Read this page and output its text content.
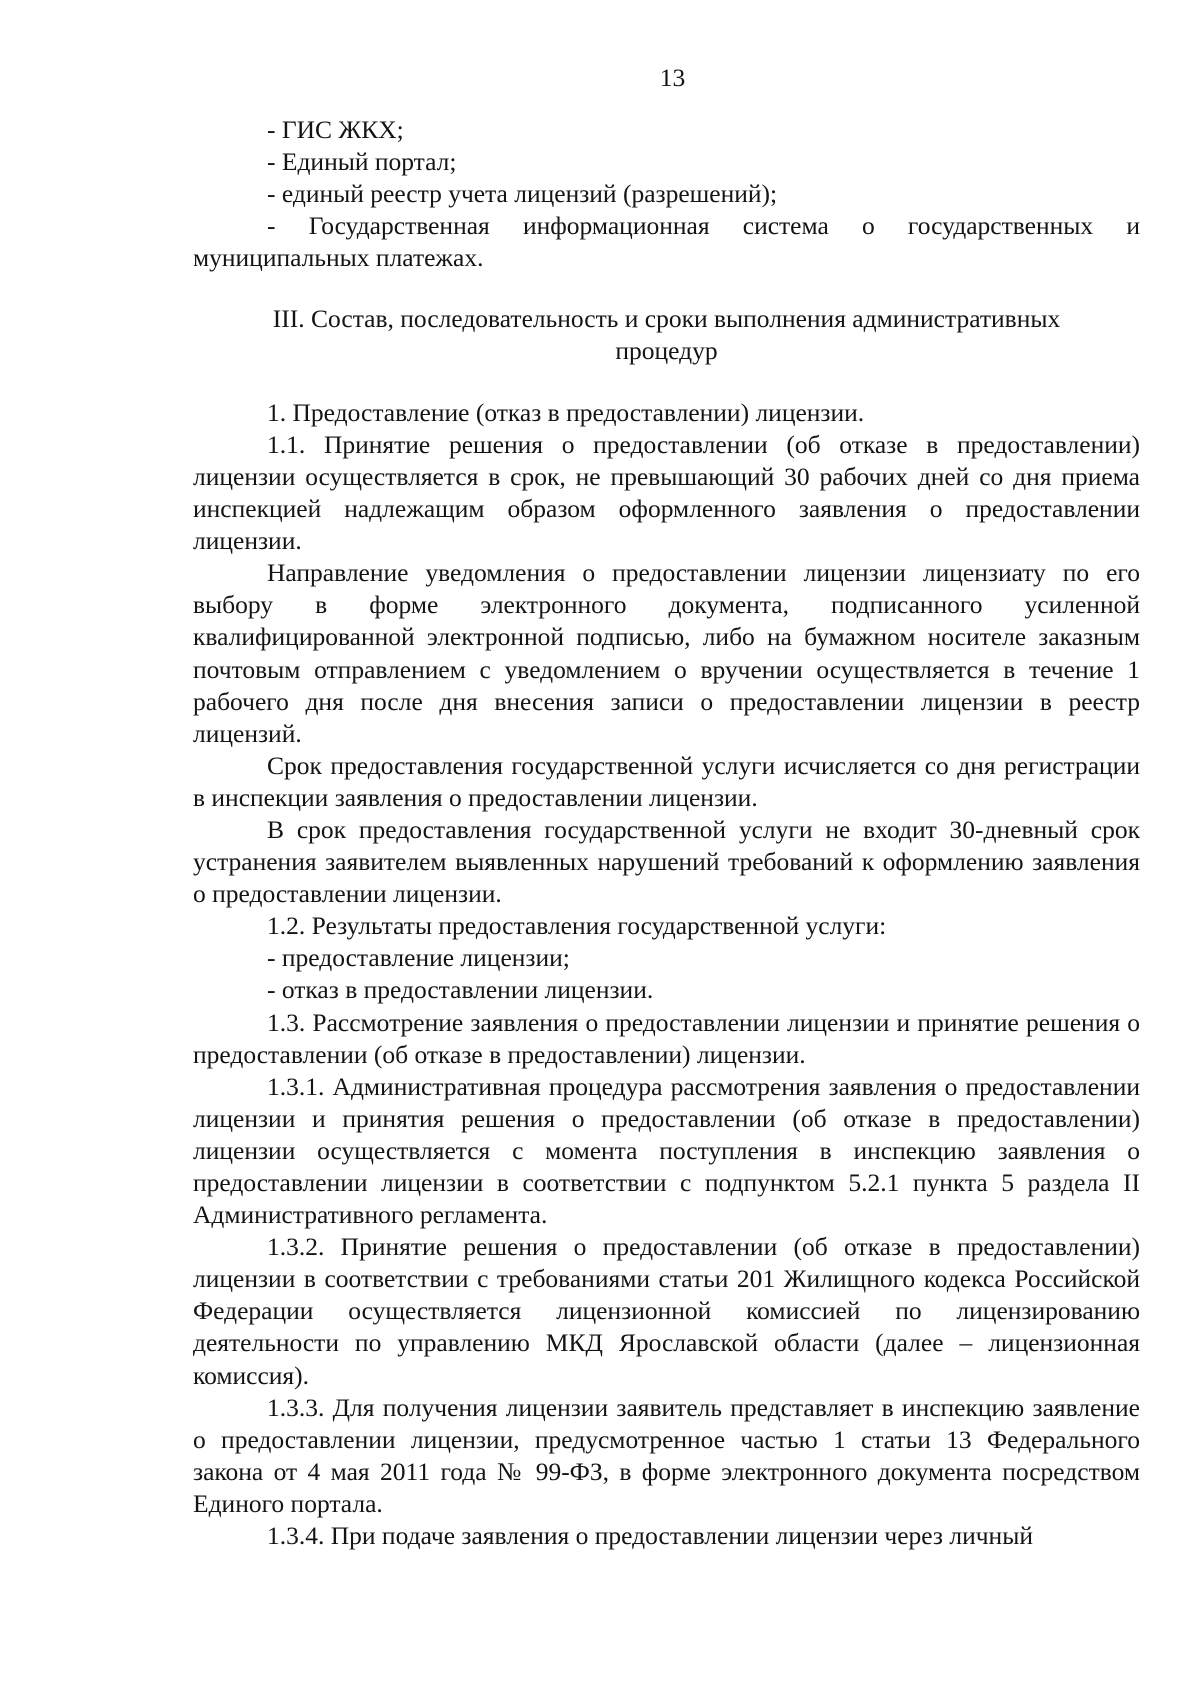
13

- ГИС ЖКХ;

- Единый портал;

- единый реестр учета лицензий (разрешений);

- Государственная информационная система о государственных и муниципальных платежах.

III. Состав, последовательность и сроки выполнения административных
процедур

1. Предоставление (отказ в предоставлении) лицензии.

1.1. Принятие решения о предоставлении (об отказе в предоставлении) лицензии осуществляется в срок, не превышающий 30 рабочих дней со дня приема инспекцией надлежащим образом оформленного заявления о предоставлении лицензии.

Направление уведомления о предоставлении лицензии лицензиату по его выбору в форме электронного документа, подписанного усиленной квалифицированной электронной подписью, либо на бумажном носителе заказным почтовым отправлением с уведомлением о вручении осуществляется в течение 1 рабочего дня после дня внесения записи о предоставлении лицензии в реестр лицензий.

Срок предоставления государственной услуги исчисляется со дня регистрации в инспекции заявления о предоставлении лицензии.

В срок предоставления государственной услуги не входит 30-дневный срок устранения заявителем выявленных нарушений требований к оформлению заявления о предоставлении лицензии.

1.2. Результаты предоставления государственной услуги:

- предоставление лицензии;

- отказ в предоставлении лицензии.

1.3. Рассмотрение заявления о предоставлении лицензии и принятие решения о предоставлении (об отказе в предоставлении) лицензии.

1.3.1. Административная процедура рассмотрения заявления о предоставлении лицензии и принятия решения о предоставлении (об отказе в предоставлении) лицензии осуществляется с момента поступления в инспекцию заявления о предоставлении лицензии в соответствии с подпунктом 5.2.1 пункта 5 раздела II Административного регламента.

1.3.2. Принятие решения о предоставлении (об отказе в предоставлении) лицензии в соответствии с требованиями статьи 201 Жилищного кодекса Российской Федерации осуществляется лицензионной комиссией по лицензированию деятельности по управлению МКД Ярославской области (далее – лицензионная комиссия).

1.3.3. Для получения лицензии заявитель представляет в инспекцию заявление о предоставлении лицензии, предусмотренное частью 1 статьи 13 Федерального закона от 4 мая 2011 года № 99-ФЗ, в форме электронного документа посредством Единого портала.

1.3.4. При подаче заявления о предоставлении лицензии через личный
